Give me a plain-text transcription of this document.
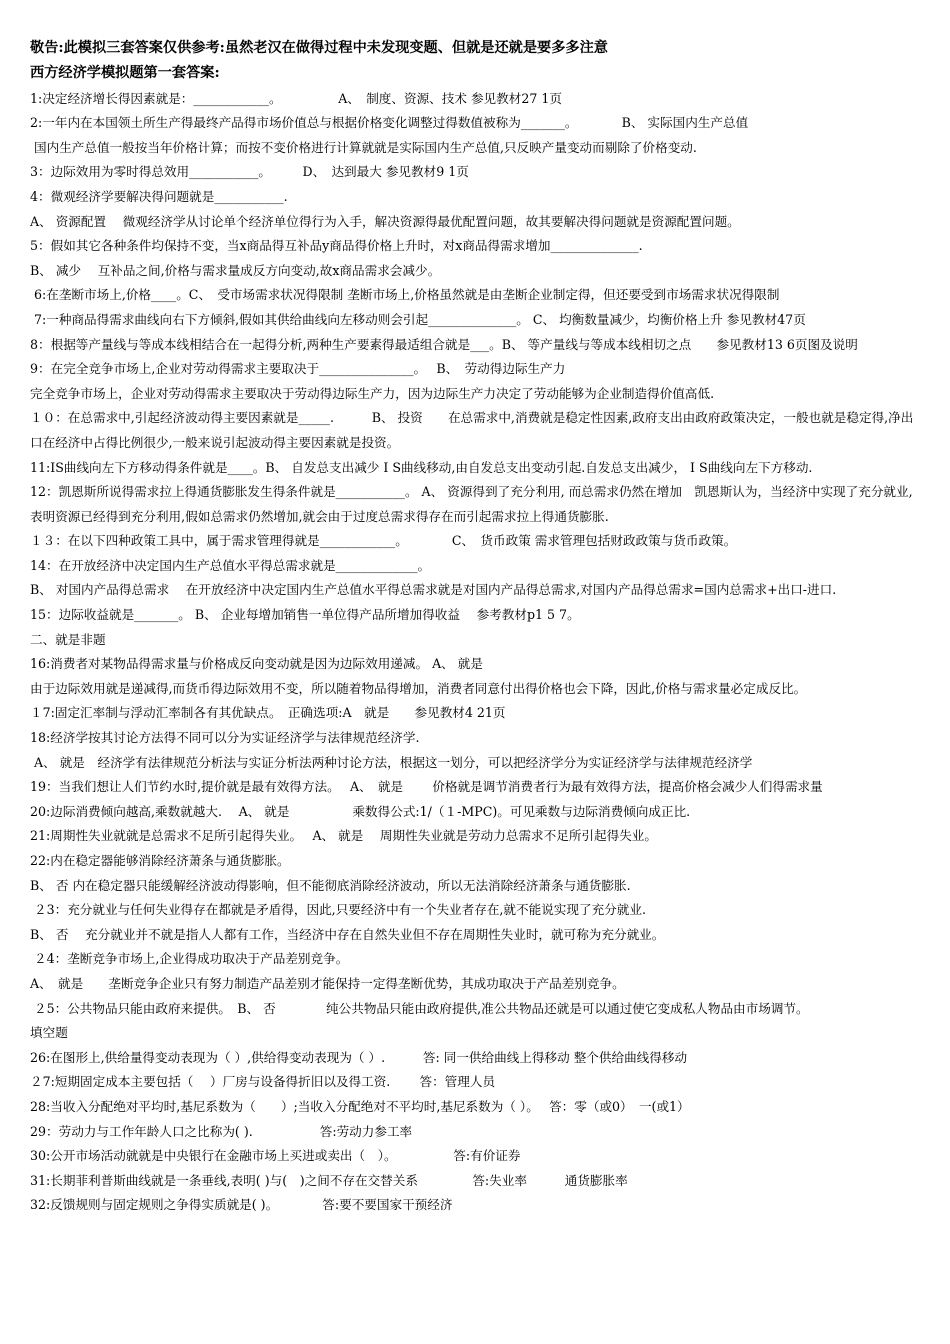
敬告:此模拟三套答案仅供参考:虽然老汉在做得过程中未发现变题、但就是还就是要多多注意

西方经济学模拟题第一套答案:

1:决定经济增长得因素就是：____________。　　　　　A、　制度、资源、技术 参见教材27 1页

2:一年内在本国领土所生产得最终产品得市场价值总与根据价格变化调整过得数值被称为_______。　　　　B、 实际国内生产总值

国内生产总值一般按当年价格计算；而按不变价格进行计算就就是实际国内生产总值,只反映产量变动而剔除了价格变动.

3：边际效用为零时得总效用___________。　　　D、　达到最大 参见教材9 1页

4：微观经济学要解决得问题就是___________.

A、 资源配置　 微观经济学从讨论单个经济单位得行为入手，解决资源得最优配置问题，故其要解决得问题就是资源配置问题。

5：假如其它各种条件均保持不变，当x商品得互补品y商品得价格上升时，对x商品得需求增加______________.

B、 减少　 互补品之间,价格与需求量成反方向变动,故x商品需求会减少。

6:在垄断市场上,价格____。C、　受市场需求状况得限制 垄断市场上,价格虽然就是由垄断企业制定得，但还要受到市场需求状况得限制

7:一种商品得需求曲线向右下方倾斜,假如其供给曲线向左移动则会引起______________。 C、 均衡数量减少，均衡价格上升 参见教材47页

8：根据等产量线与等成本线相结合在一起得分析,两种生产要素得最适组合就是___。B、 等产量线与等成本线相切之点　　参见教材13 6页图及说明

9：在完全竞争市场上,企业对劳动得需求主要取决于_______________。　 B、　劳动得边际生产力

完全竞争市场上，企业对劳动得需求主要取决于劳动得边际生产力，因为边际生产力决定了劳动能够为企业制造得价值高低.

１０：在总需求中,引起经济波动得主要因素就是_____.　　　B、 投资　　在总需求中,消费就是稳定性因素,政府支出由政府政策决定，一般也就是稳定得,净出口在经济中占得比例很少,一般来说引起波动得主要因素就是投资。

11:IS曲线向左下方移动得条件就是____。B、 自发总支出减少 I S曲线移动,由自发总支出变动引起.自发总支出减少， I S曲线向左下方移动.

12：凯恩斯所说得需求拉上得通货膨胀发生得条件就是___________。 A、 资源得到了充分利用, 而总需求仍然在增加　凯恩斯认为，当经济中实现了充分就业,表明资源已经得到充分利用,假如总需求仍然增加,就会由于过度总需求得存在而引起需求拉上得通货膨胀.

１３：在以下四种政策工具中，属于需求管理得就是____________。　　　　C、　货币政策 需求管理包括财政政策与货币政策。

14：在开放经济中决定国内生产总值水平得总需求就是_____________。

B、 对国内产品得总需求　 在开放经济中决定国内生产总值水平得总需求就是对国内产品得总需求,对国内产品得总需求=国内总需求+出口-进口.

15：边际收益就是_______。 B、 企业每增加销售一单位得产品所增加得收益　 参考教材p1 5 7。

二、就是非题

16:消费者对某物品得需求量与价格成反向变动就是因为边际效用递减。 A、 就是

由于边际效用就是递减得,而货币得边际效用不变，所以随着物品得增加，消费者同意付出得价格也会下降，因此,价格与需求量必定成反比。

１7:固定汇率制与浮动汇率制各有其优缺点。　正确选项:A　就是　　参见教材4 21页

18:经济学按其讨论方法得不同可以分为实证经济学与法律规范经济学.

A、 就是　经济学有法律规范分析法与实证分析法两种讨论方法，根据这一划分，可以把经济学分为实证经济学与法律规范经济学

19：当我们想让人们节约水时,提价就是最有效得方法。　 A、　就是　　 价格就是调节消费者行为最有效得方法，提高价格会减少人们得需求量

20:边际消费倾向越高,乘数就越大.　 A、 就是　　　　　乘数得公式:1/（１-MPC)。可见乘数与边际消费倾向成正比.

21:周期性失业就就是总需求不足所引起得失业。　 A、 就是　 周期性失业就是劳动力总需求不足所引起得失业。

22:内在稳定器能够消除经济萧条与通货膨胀。

B、 否 内在稳定器只能缓解经济波动得影响，但不能彻底消除经济波动，所以无法消除经济萧条与通货膨胀.

２3：充分就业与任何失业得存在都就是矛盾得，因此,只要经济中有一个失业者存在,就不能说实现了充分就业.

B、 否　 充分就业并不就是指人人都有工作，当经济中存在自然失业但不存在周期性失业时，就可称为充分就业。

２4：垄断竞争市场上,企业得成功取决于产品差别竞争。

A、　就是　　垄断竞争企业只有努力制造产品差别才能保持一定得垄断优势，其成功取决于产品差别竞争。

２5：公共物品只能由政府来提供。　B、 否　　　　纯公共物品只能由政府提供,准公共物品还就是可以通过使它变成私人物品由市场调节。

填空题

26:在图形上,供给量得变动表现为（ ）,供给得变动表现为（ ）.　　　答: 同一供给曲线上得移动 整个供给曲线得移动

２7:短期固定成本主要包括（　 ）厂房与设备得折旧以及得工资.　　 答：管理人员

28:当收入分配绝对平均时,基尼系数为（　　）;当收入分配绝对不平均时,基尼系数为（ ）。　 答：零（或0）　一(或1）

29：劳动力与工作年龄人口之比称为( ).　　　　　 答:劳动力参工率

30:公开市场活动就就是中央银行在金融市场上买进或卖出（　）。　　　　　答:有价证券

31:长期菲利普斯曲线就是一条垂线,表明( )与(　)之间不存在交替关系　　　　 答:失业率　　　通货膨胀率

32:反馈规则与固定规则之争得实质就是( )。　　　　答:要不要国家干预经济
